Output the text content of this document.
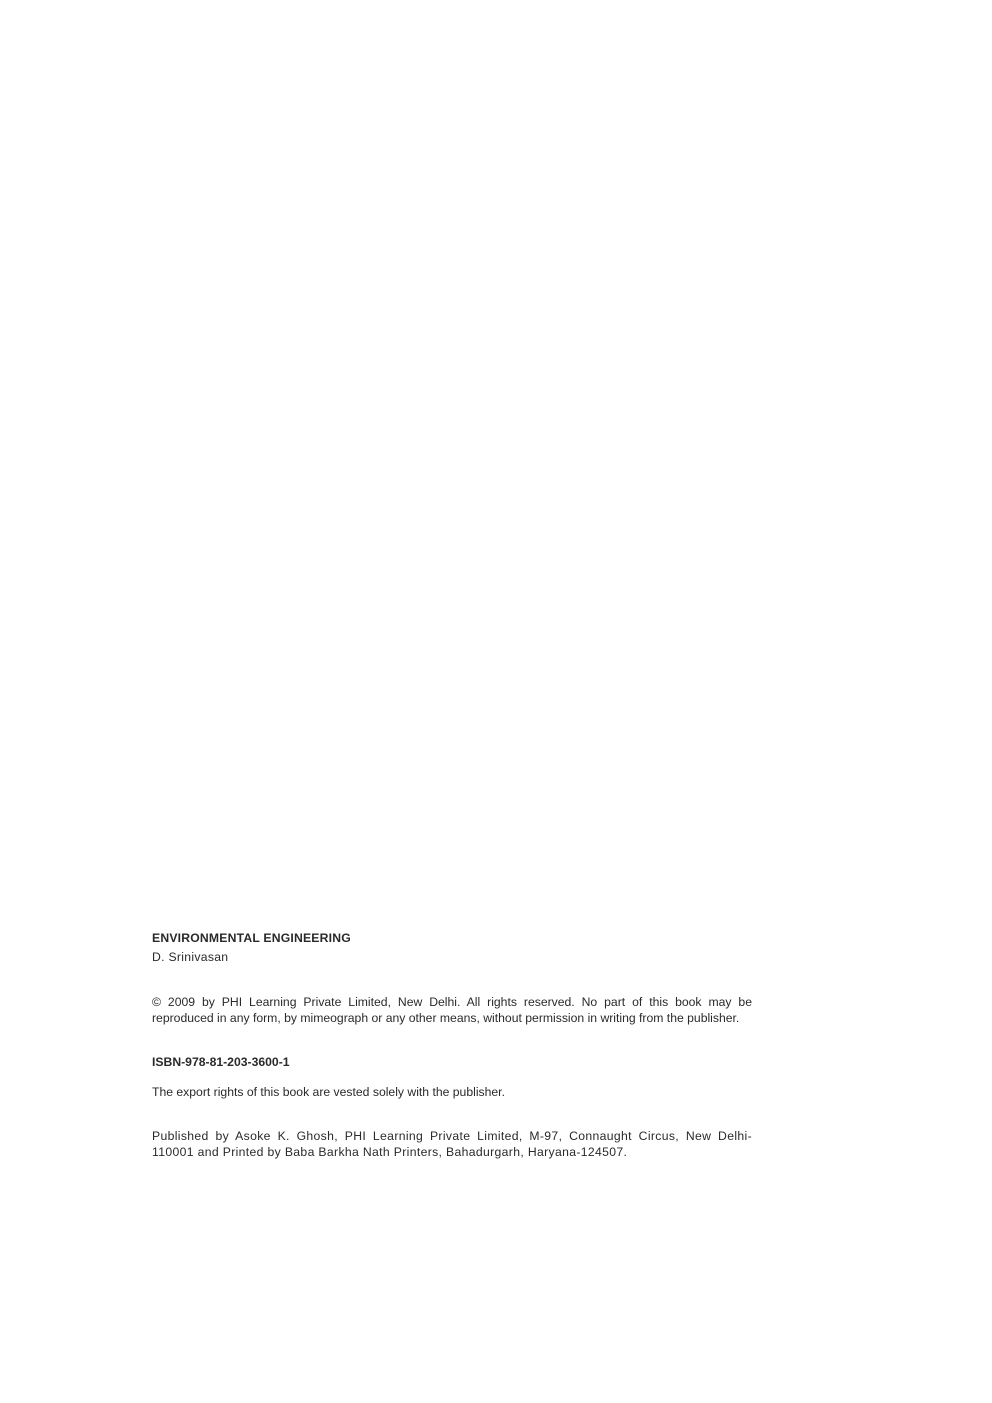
ENVIRONMENTAL ENGINEERING
D. Srinivasan
© 2009 by PHI Learning Private Limited, New Delhi. All rights reserved. No part of this book may be reproduced in any form, by mimeograph or any other means, without permission in writing from the publisher.
ISBN-978-81-203-3600-1
The export rights of this book are vested solely with the publisher.
Published by Asoke K. Ghosh, PHI Learning Private Limited, M-97, Connaught Circus, New Delhi-110001 and Printed by Baba Barkha Nath Printers, Bahadurgarh, Haryana-124507.
